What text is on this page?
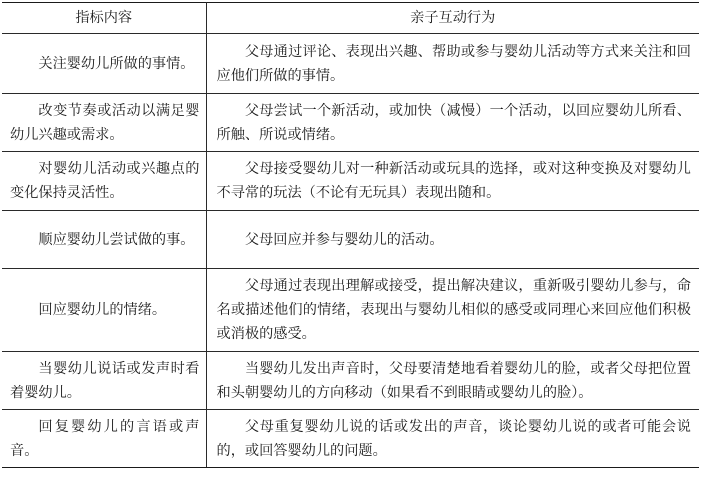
指标内容	亲子互动行为

关注婴幼儿所做的事情。	父母通过评论、表现出兴趣、帮助或参与婴幼儿活动等方式来关注和回应他们所做的事情。

改变节奏或活动以满足婴幼儿兴趣或需求。	父母尝试一个新活动，或加快（减慢）一个活动，以回应婴幼儿所看、所触、所说或情绪。

对婴幼儿活动或兴趣点的变化保持灵活性。	父母接受婴幼儿对一种新活动或玩具的选择，或对这种变换及对婴幼儿不寻常的玩法（不论有无玩具）表现出随和。

顺应婴幼儿尝试做的事。	父母回应并参与婴幼儿的活动。

回应婴幼儿的情绪。	父母通过表现出理解或接受，提出解决建议，重新吸引婴幼儿参与，命名或描述他们的情绪，表现出与婴幼儿相似的感受或同理心来回应他们积极或消极的感受。

当婴幼儿说话或发声时看着婴幼儿。	当婴幼儿发出声音时，父母要清楚地看着婴幼儿的脸，或者父母把位置和头朝婴幼儿的方向移动（如果看不到眼睛或婴幼儿的脸）。

回复婴幼儿的言语或声音。	父母重复婴幼儿说的话或发出的声音，谈论婴幼儿说的或者可能会说的，或回答婴幼儿的问题。
